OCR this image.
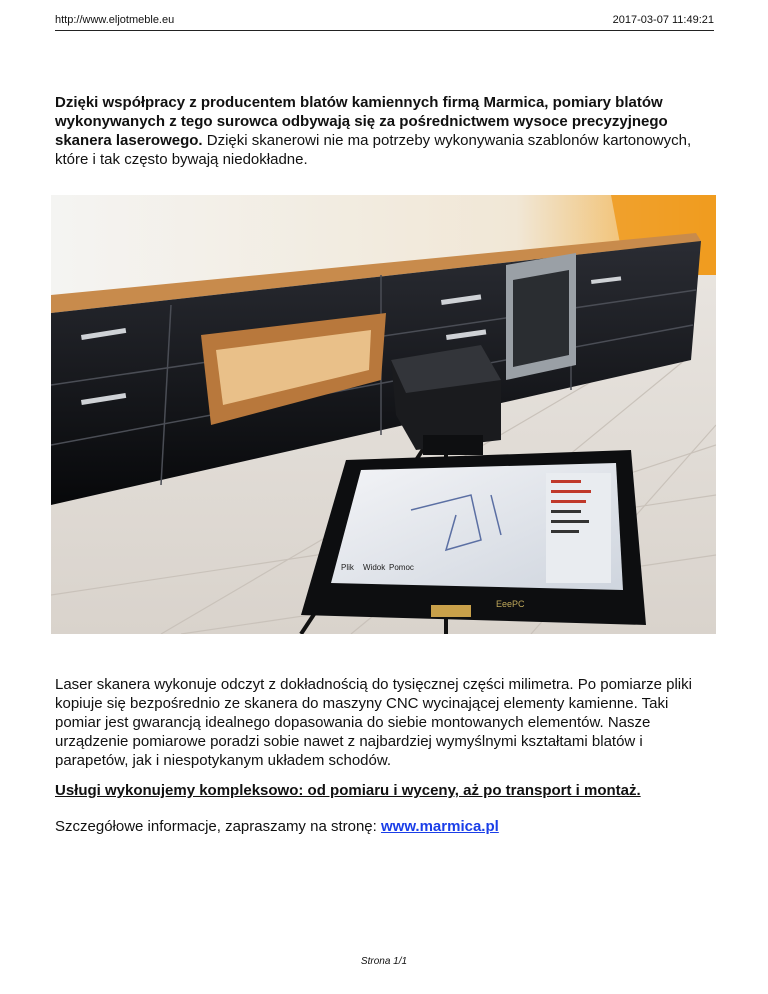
http://www.eljotmeble.eu	2017-03-07 11:49:21
Dzięki współpracy z producentem blatów kamiennych firmą Marmica, pomiary blatów wykonywanych z tego surowca odbywają się za pośrednictwem wysoce precyzyjnego skanera laserowego. Dzięki skanerowi nie ma potrzeby wykonywania szablonów kartonowych, które i tak często bywają niedokładne.
Plik Widok Pomoc
EeePC

Laser skanera wykonuje odczyt z dokładnością do tysięcznej części milimetra. Po pomiarze pliki kopiuje się bezpośrednio ze skanera do maszyny CNC wycinającej elementy kamienne. Taki pomiar jest gwarancją idealnego dopasowania do siebie montowanych elementów. Nasze urządzenie pomiarowe poradzi sobie nawet z najbardziej wymyślnymi kształtami blatów i parapetów, jak i niespotykanym układem schodów.

Usługi wykonujemy kompleksowo: od pomiaru i wyceny, aż po transport i montaż.

Szczegółowe informacje, zapraszamy na stronę: www.marmica.pl

Strona 1/1
